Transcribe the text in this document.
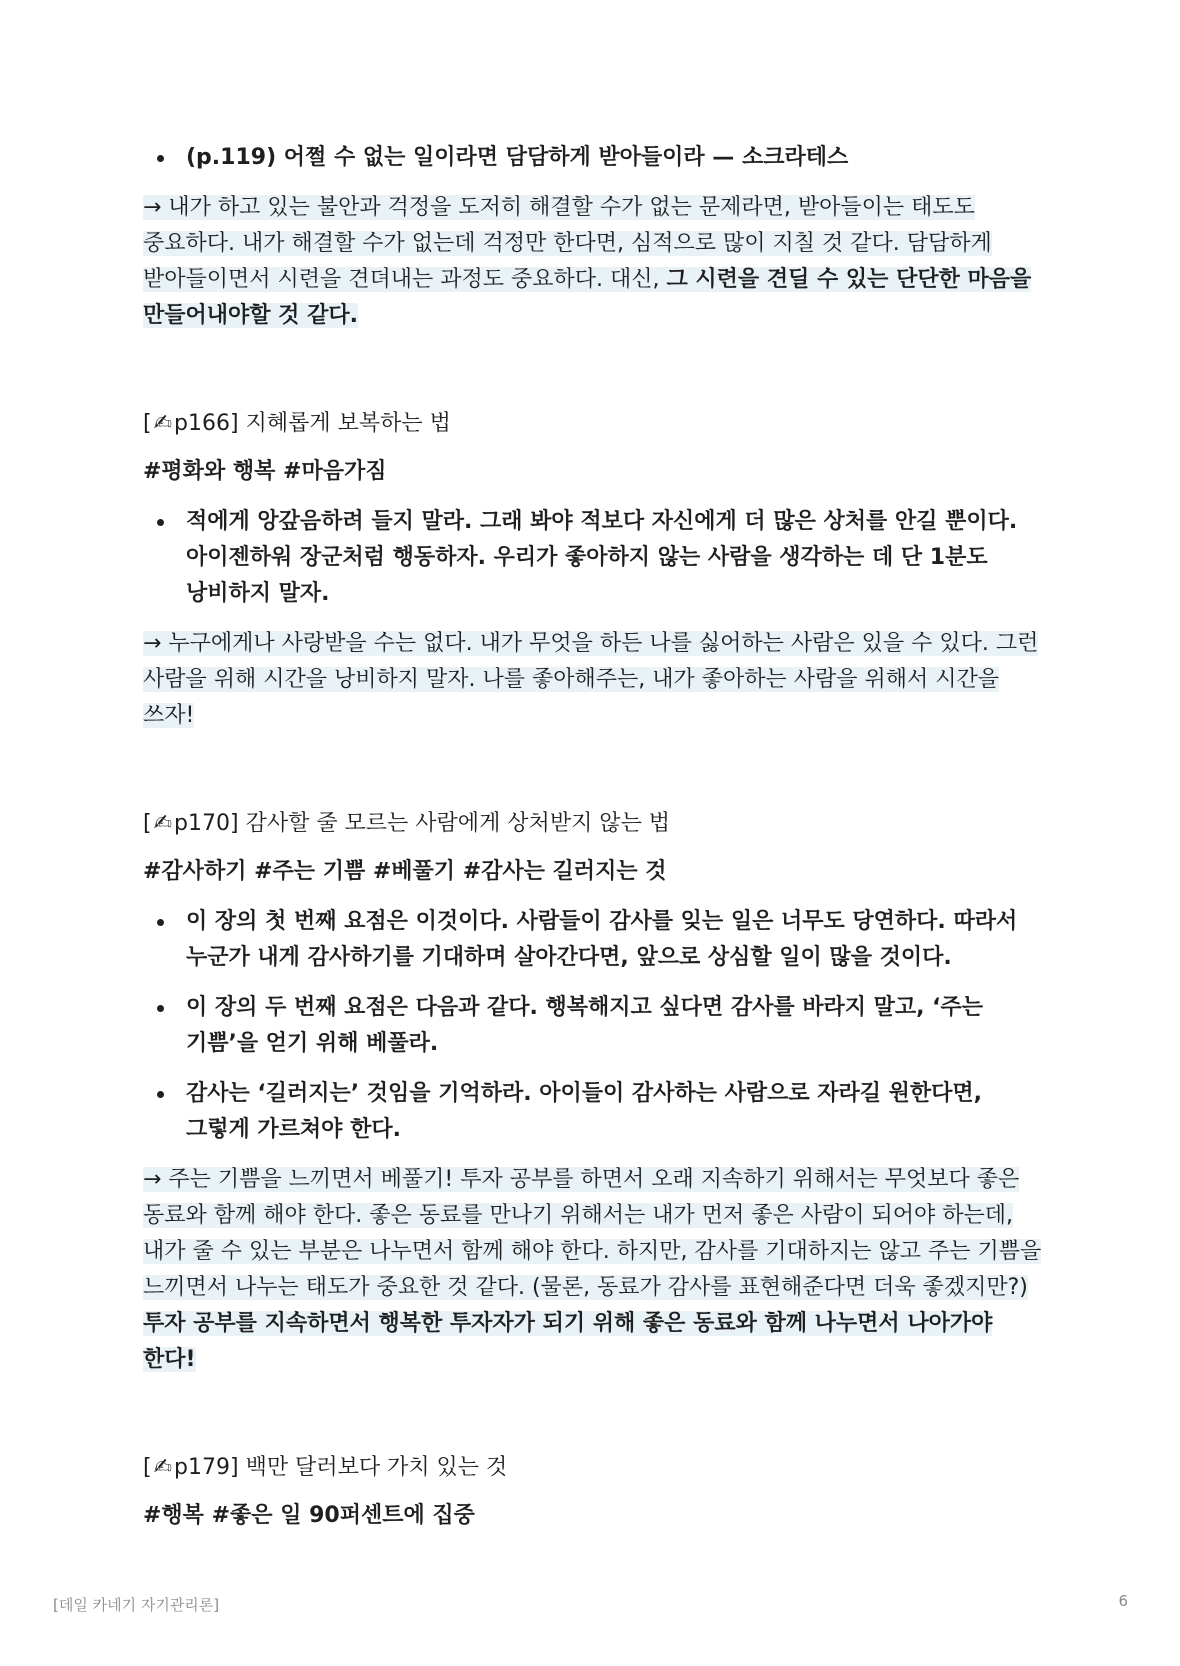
(p.119) 어쩔 수 없는 일이라면 담담하게 받아들이라 — 소크라테스

→ 내가 하고 있는 불안과 걱정을 도저히 해결할 수가 없는 문제라면, 받아들이는 태도도 중요하다. 내가 해결할 수가 없는데 걱정만 한다면, 심적으로 많이 지칠 것 같다. 담담하게 받아들이면서 시련을 견뎌내는 과정도 중요하다. 대신, 그 시련을 견딜 수 있는 단단한 마음을 만들어내야할 것 같다.

[✍p166] 지혜롭게 보복하는 법
#평화와 행복 #마음가짐
적에게 앙갚음하려 들지 말라. 그래 봐야 적보다 자신에게 더 많은 상처를 안길 뿐이다. 아이젠하워 장군처럼 행동하자. 우리가 좋아하지 않는 사람을 생각하는 데 단 1분도 낭비하지 말자.

→ 누구에게나 사랑받을 수는 없다. 내가 무엇을 하든 나를 싫어하는 사람은 있을 수 있다. 그런 사람을 위해 시간을 낭비하지 말자. 나를 좋아해주는, 내가 좋아하는 사람을 위해서 시간을 쓰자!

[✍p170] 감사할 줄 모르는 사람에게 상처받지 않는 법
#감사하기 #주는 기쁨 #베풀기 #감사는 길러지는 것
이 장의 첫 번째 요점은 이것이다. 사람들이 감사를 잊는 일은 너무도 당연하다. 따라서 누군가 내게 감사하기를 기대하며 살아간다면, 앞으로 상심할 일이 많을 것이다.
이 장의 두 번째 요점은 다음과 같다. 행복해지고 싶다면 감사를 바라지 말고, ‘주는 기쁨’을 얻기 위해 베풀라.
감사는 ‘길러지는’ 것임을 기억하라. 아이들이 감사하는 사람으로 자라길 원한다면, 그렇게 가르쳐야 한다.

→ 주는 기쁨을 느끼면서 베풀기! 투자 공부를 하면서 오래 지속하기 위해서는 무엇보다 좋은 동료와 함께 해야 한다. 좋은 동료를 만나기 위해서는 내가 먼저 좋은 사람이 되어야 하는데, 내가 줄 수 있는 부분은 나누면서 함께 해야 한다. 하지만, 감사를 기대하지는 않고 주는 기쁨을 느끼면서 나누는 태도가 중요한 것 같다. (물론, 동료가 감사를 표현해준다면 더욱 좋겠지만?) 투자 공부를 지속하면서 행복한 투자자가 되기 위해 좋은 동료와 함께 나누면서 나아가야 한다!

[✍p179] 백만 달러보다 가치 있는 것
#행복 #좋은 일 90퍼센트에 집중
[데일 카네기 자기관리론]	6
